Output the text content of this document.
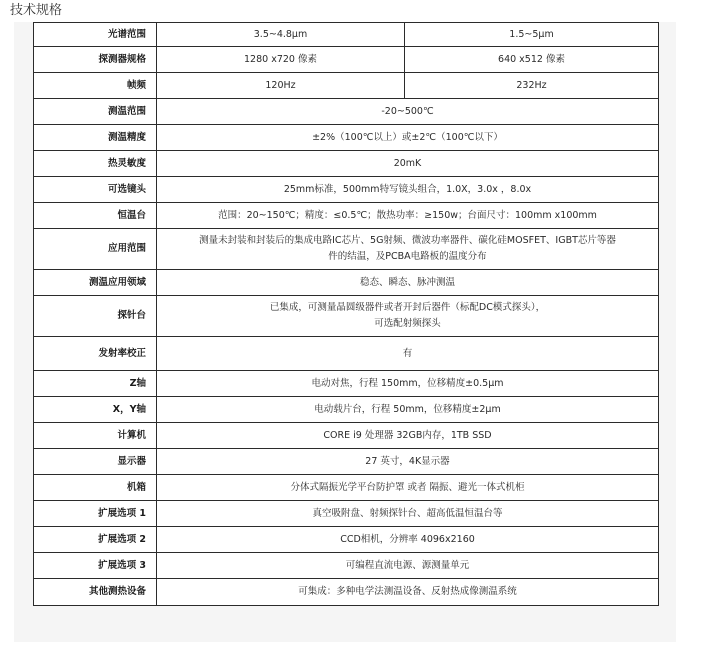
技术规格
光谱范围	3.5~4.8μm	1.5~5μm
探测器规格	1280 x720 像素	640 x512 像素
帧频	120Hz	232Hz
测温范围	-20~500℃	
测温精度	±2%（100℃以上）或±2℃（100℃以下）	
热灵敏度	20mK	
可选镜头	25mm标准，500mm特写镜头组合，1.0X，3.0x ，8.0x	
恒温台	范围：20~150℃；精度：≤0.5℃；散热功率：≥150w；台面尺寸：100mm x100mm	
应用范围	测量未封装和封装后的集成电路IC芯片、5G射频、微波功率器件、碳化硅MOSFET、IGBT芯片等器
件的结温，及PCBA电路板的温度分布	

测温应用领域	稳态、瞬态、脉冲测温	
探针台	已集成，可测量晶圆级器件或者开封后器件（标配DC模式探头），
可选配射频探头	

发射率校正	有	
Z轴	电动对焦，行程 150mm，位移精度±0.5μm	
X，Y轴	电动载片台，行程 50mm，位移精度±2μm	
计算机	CORE i9 处理器 32GB内存，1TB SSD	
显示器	27 英寸，4K显示器	
机箱	分体式隔振光学平台防护罩 或者 隔振、避光一体式机柜	
扩展选项 1	真空吸附盘、射频探针台、超高低温恒温台等	
扩展选项 2	CCD相机，分辨率 4096x2160	
扩展选项 3	可编程直流电源、源测量单元	
其他测热设备	可集成：多种电学法测温设备、反射热成像测温系统	
